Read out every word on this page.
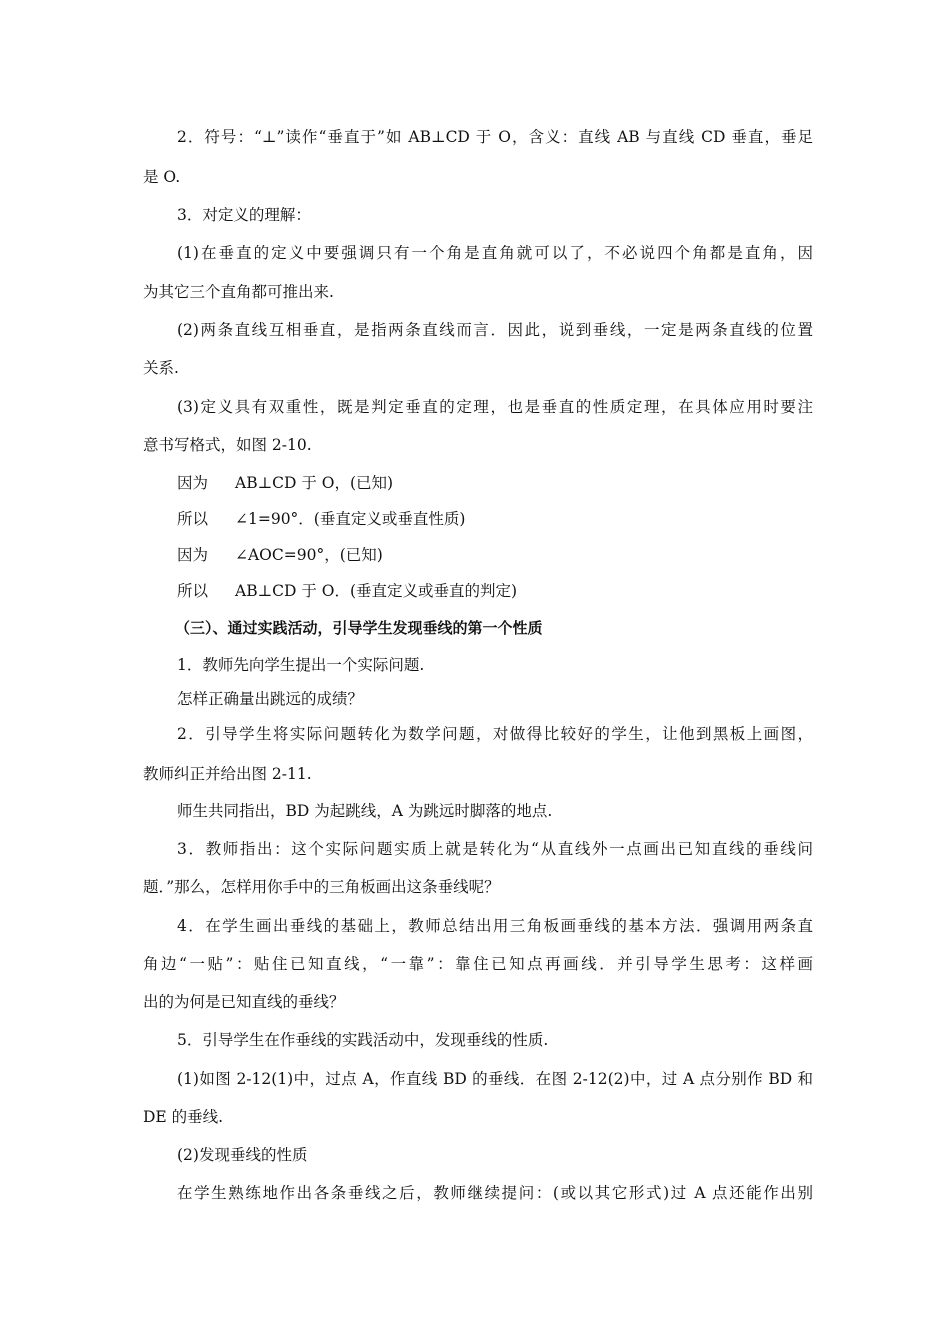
2．符号：“⊥”读作“垂直于”如 AB⊥CD 于 O，含义：直线 AB 与直线 CD 垂直，垂足
是 O.
3．对定义的理解：
(1)在垂直的定义中要强调只有一个角是直角就可以了，不必说四个角都是直角，因
为其它三个直角都可推出来.
(2)两条直线互相垂直，是指两条直线而言．因此，说到垂线，一定是两条直线的位置
关系.
(3)定义具有双重性，既是判定垂直的定理，也是垂直的性质定理，在具体应用时要注
意书写格式，如图 2-10.
因为 AB⊥CD 于 O，(已知)
所以 ∠1=90°．(垂直定义或垂直性质)
因为 ∠AOC=90°，(已知)
所以 AB⊥CD 于 O．(垂直定义或垂直的判定)
（三）、通过实践活动，引导学生发现垂线的第一个性质
1．教师先向学生提出一个实际问题.
怎样正确量出跳远的成绩？
2．引导学生将实际问题转化为数学问题，对做得比较好的学生，让他到黑板上画图，
教师纠正并给出图 2-11.
师生共同指出，BD 为起跳线，A 为跳远时脚落的地点.
3．教师指出：这个实际问题实质上就是转化为“从直线外一点画出已知直线的垂线问
题．”那么，怎样用你手中的三角板画出这条垂线呢？
4．在学生画出垂线的基础上，教师总结出用三角板画垂线的基本方法．强调用两条直
角边“一贴”：贴住已知直线，“一靠”：靠住已知点再画线．并引导学生思考：这样画
出的为何是已知直线的垂线？
5．引导学生在作垂线的实践活动中，发现垂线的性质.
(1)如图 2-12(1)中，过点 A，作直线 BD 的垂线．在图 2-12(2)中，过 A 点分别作 BD 和
DE 的垂线.
(2)发现垂线的性质
在学生熟练地作出各条垂线之后，教师继续提问：(或以其它形式)过 A 点还能作出别
